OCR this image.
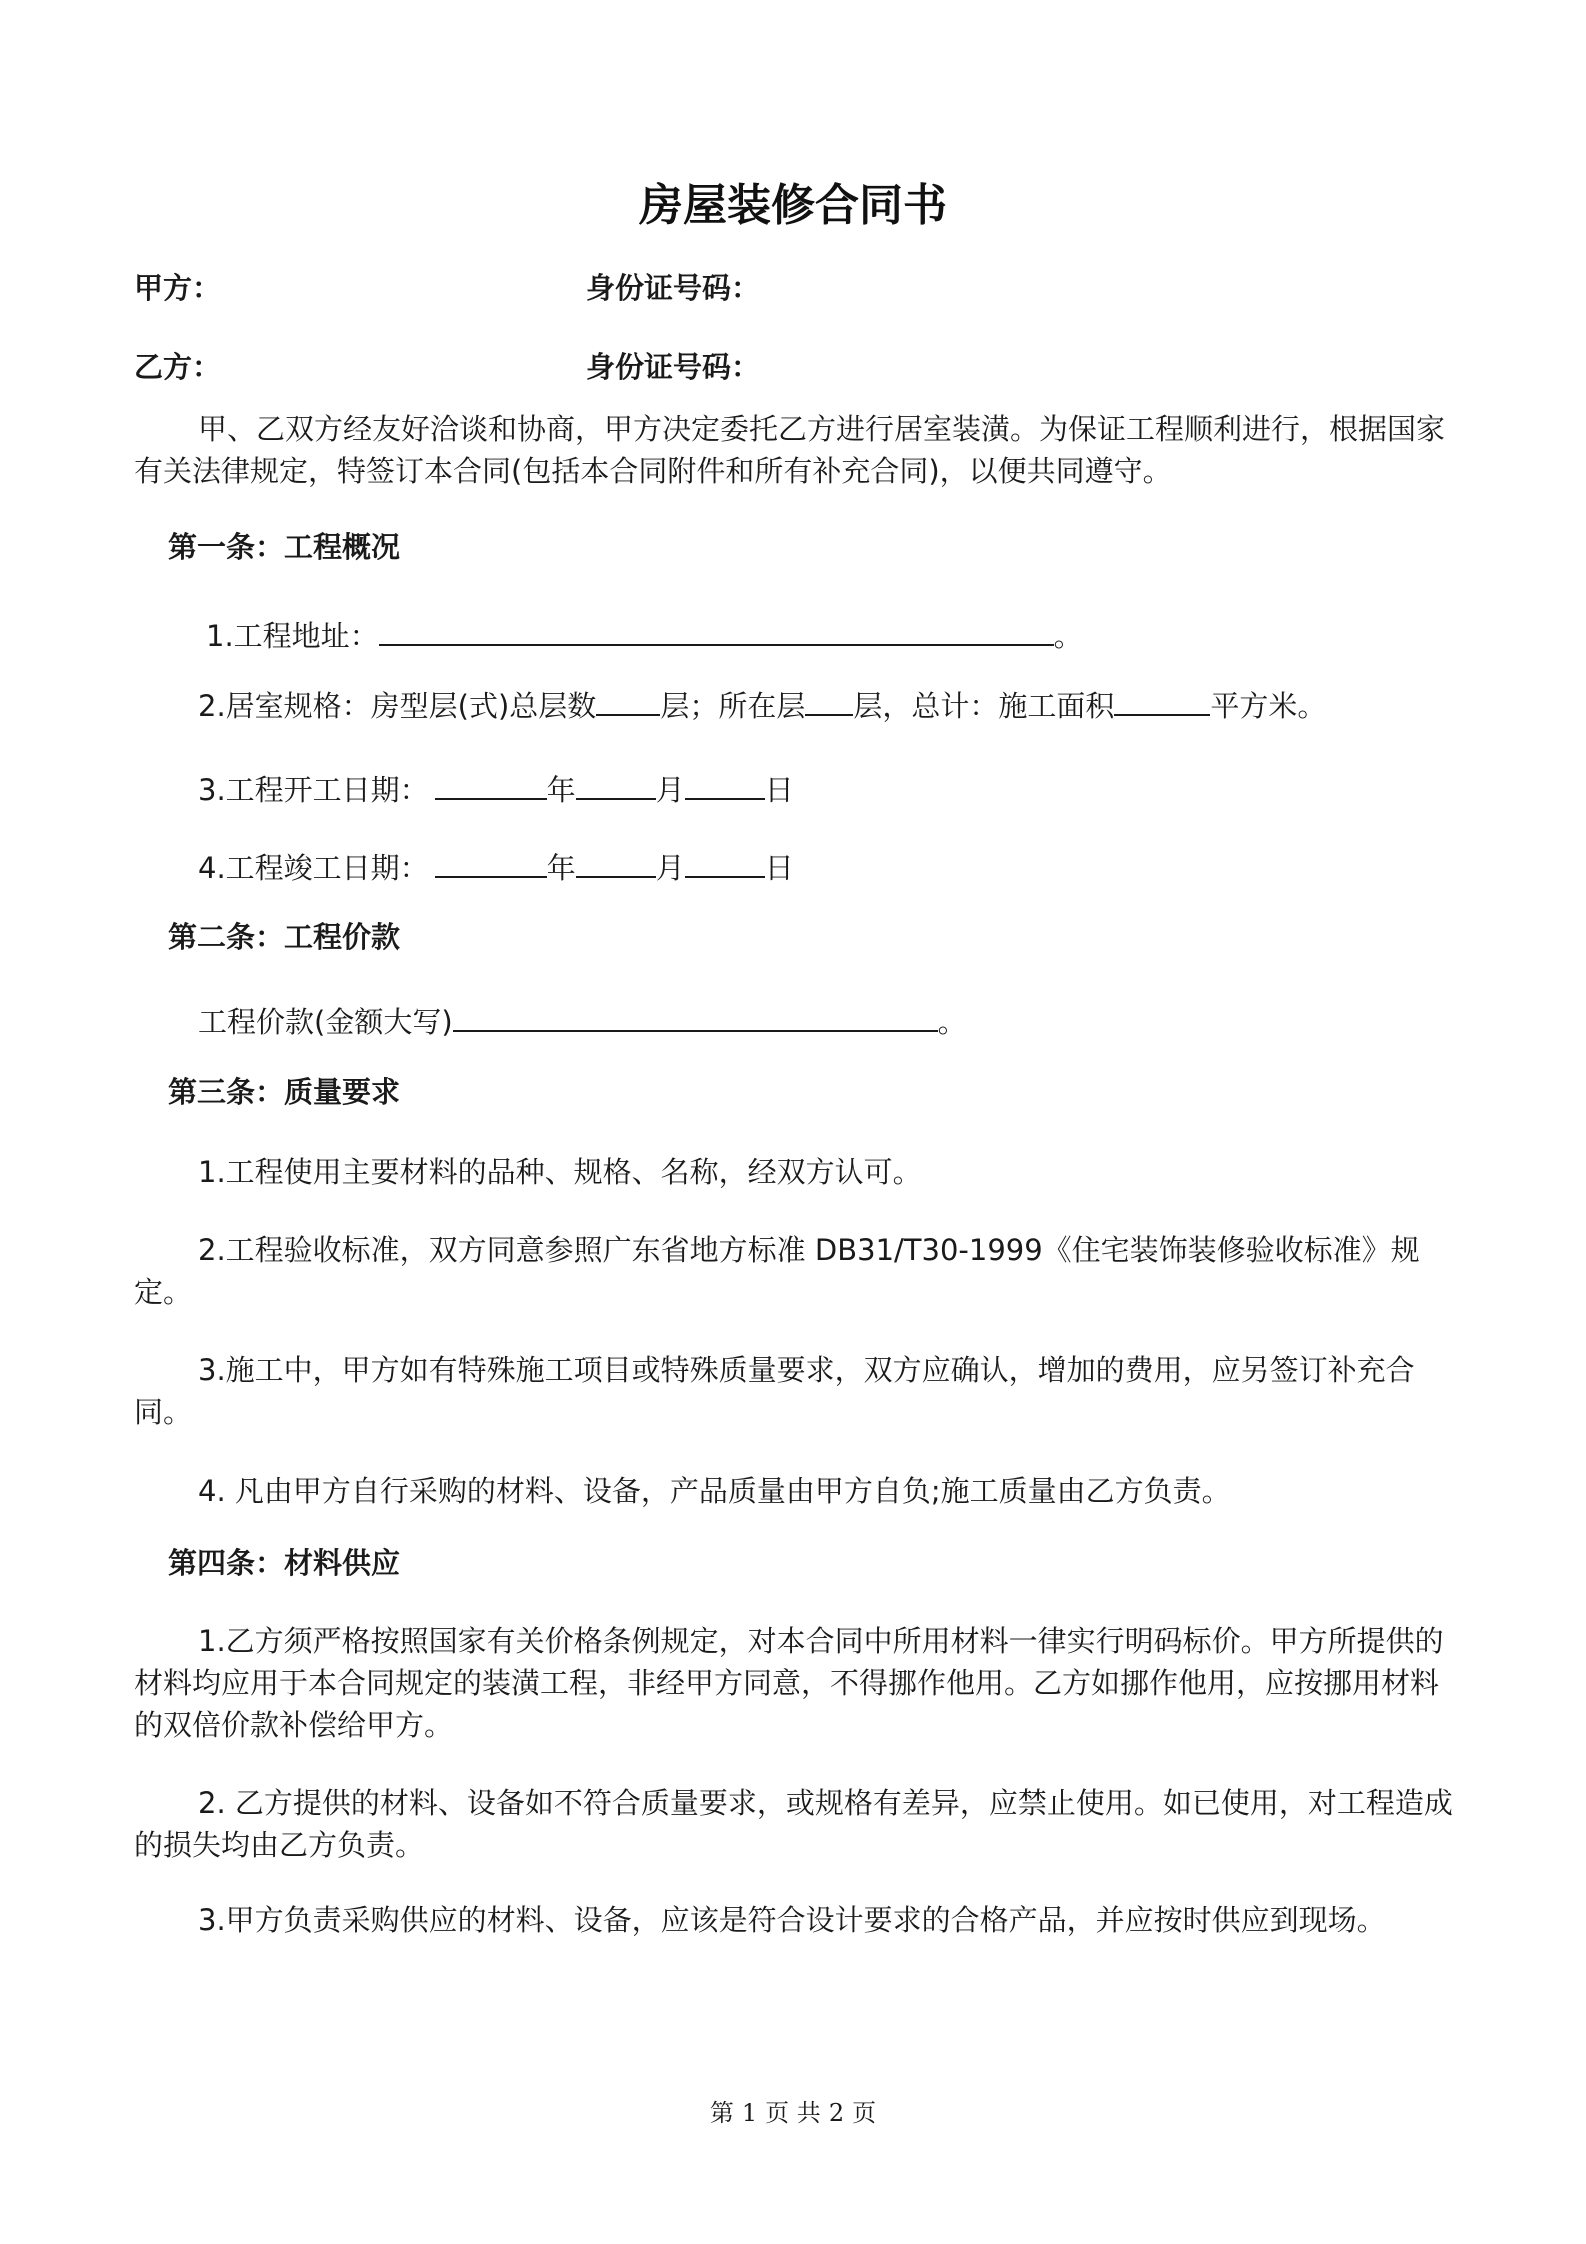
房屋装修合同书
甲方：	身份证号码：
乙方：	身份证号码：
甲、乙双方经友好洽谈和协商，甲方决定委托乙方进行居室装潢。为保证工程顺利进行，根据国家有关法律规定，特签订本合同(包括本合同附件和所有补充合同)，以便共同遵守。
第一条：工程概况
1.工程地址：	。
2.居室规格：房型层(式)总层数 层；所在层 层，总计：施工面积	平方米。
3.工程开工日期：	年	月	日
4.工程竣工日期：	年	月	日
第二条：工程价款
工程价款(金额大写)	。
第三条：质量要求
1.工程使用主要材料的品种、规格、名称，经双方认可。
2.工程验收标准，双方同意参照广东省地方标准 DB31/T30-1999《住宅装饰装修验收标准》规定。
3.施工中，甲方如有特殊施工项目或特殊质量要求，双方应确认，增加的费用，应另签订补充合同。
4. 凡由甲方自行采购的材料、设备，产品质量由甲方自负;施工质量由乙方负责。
第四条：材料供应
1.乙方须严格按照国家有关价格条例规定，对本合同中所用材料一律实行明码标价。甲方所提供的材料均应用于本合同规定的装潢工程，非经甲方同意，不得挪作他用。乙方如挪作他用，应按挪用材料的双倍价款补偿给甲方。
2. 乙方提供的材料、设备如不符合质量要求，或规格有差异，应禁止使用。如已使用，对工程造成的损失均由乙方负责。
3.甲方负责采购供应的材料、设备，应该是符合设计要求的合格产品，并应按时供应到现场。
第 1 页 共 2 页
